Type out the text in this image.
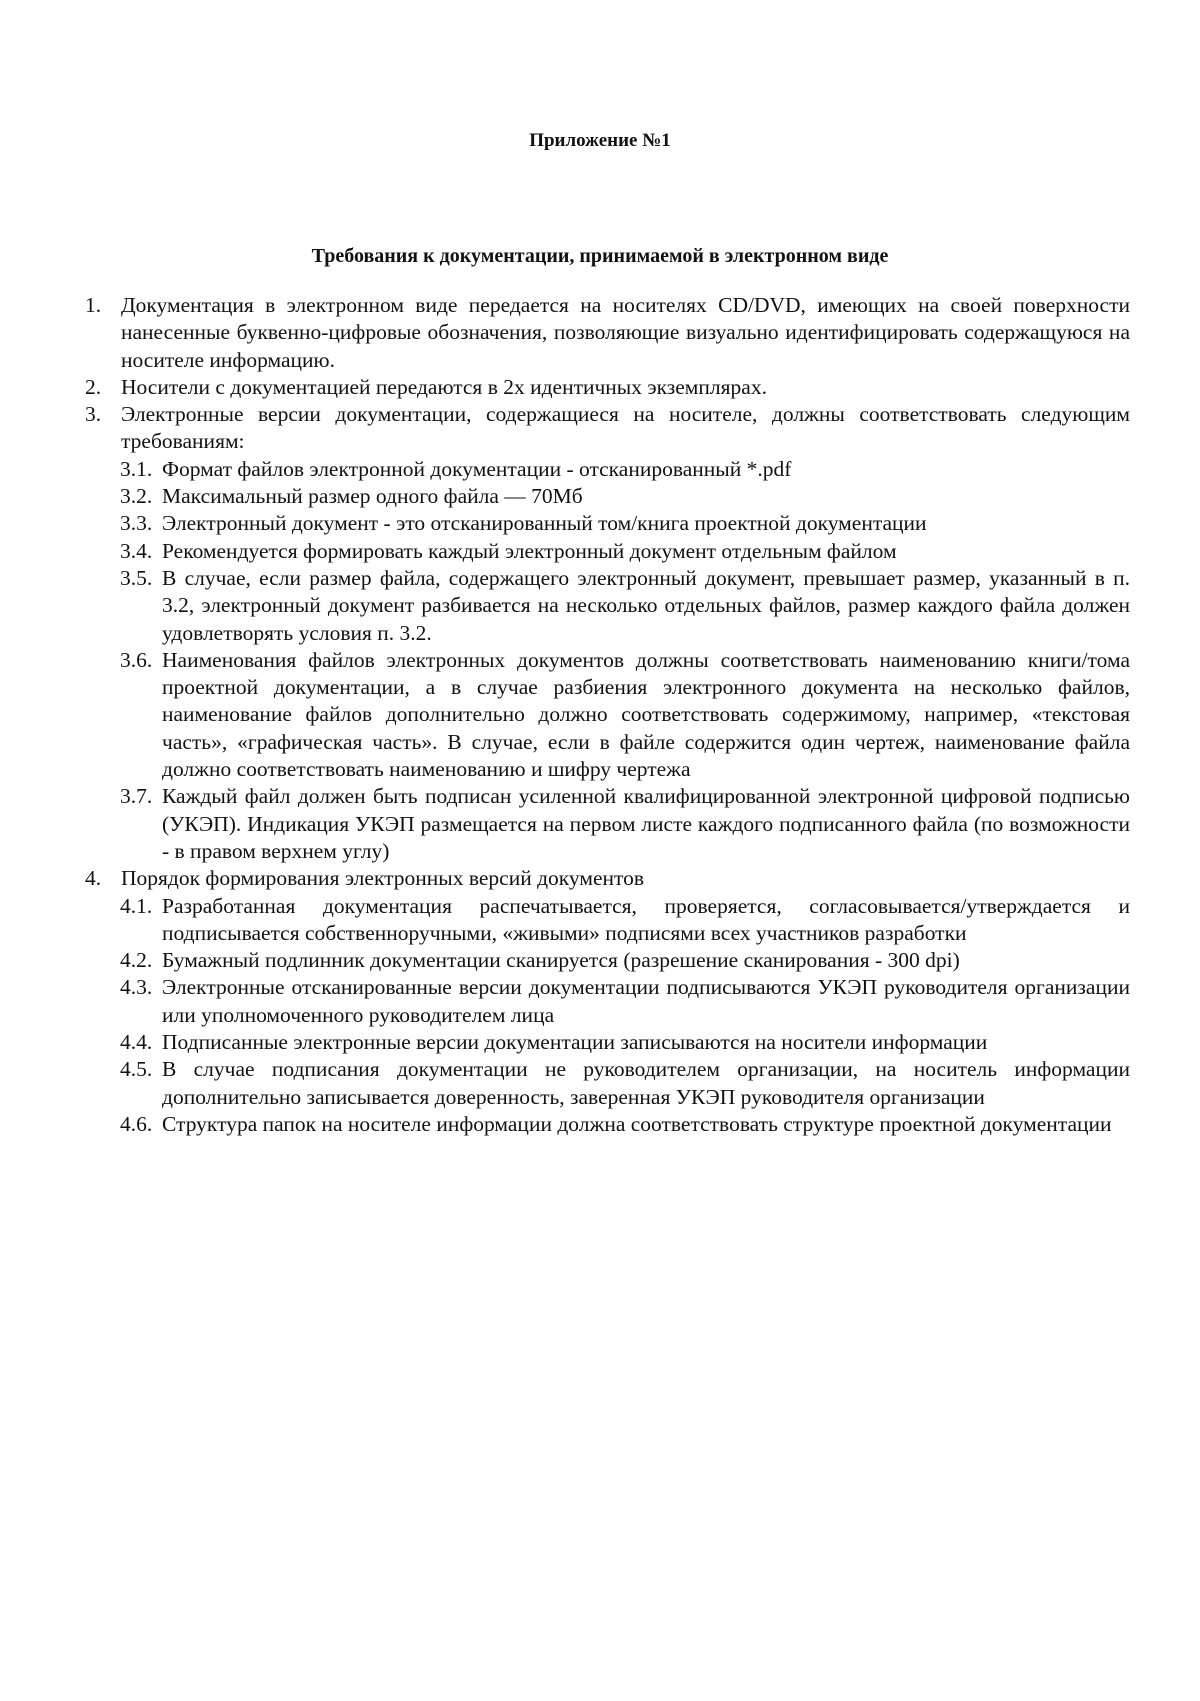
Приложение №1
Требования к документации, принимаемой в электронном виде
1. Документация в электронном виде передается на носителях CD/DVD, имеющих на своей поверхности нанесенные буквенно-цифровые обозначения, позволяющие визуально идентифицировать содержащуюся на носителе информацию.
2. Носители с документацией передаются в 2х идентичных экземплярах.
3. Электронные версии документации, содержащиеся на носителе, должны соответствовать следующим требованиям:
3.1. Формат файлов электронной документации - отсканированный *.pdf
3.2. Максимальный размер одного файла — 70Мб
3.3. Электронный документ - это отсканированный том/книга проектной документации
3.4. Рекомендуется формировать каждый электронный документ отдельным файлом
3.5. В случае, если размер файла, содержащего электронный документ, превышает размер, указанный в п. 3.2, электронный документ разбивается на несколько отдельных файлов, размер каждого файла должен удовлетворять условия п. 3.2.
3.6. Наименования файлов электронных документов должны соответствовать наименованию книги/тома проектной документации, а в случае разбиения электронного документа на несколько файлов, наименование файлов дополнительно должно соответствовать содержимому, например, «текстовая часть», «графическая часть». В случае, если в файле содержится один чертеж, наименование файла должно соответствовать наименованию и шифру чертежа
3.7. Каждый файл должен быть подписан усиленной квалифицированной электронной цифровой подписью (УКЭП). Индикация УКЭП размещается на первом листе каждого подписанного файла (по возможности - в правом верхнем углу)
4. Порядок формирования электронных версий документов
4.1. Разработанная документация распечатывается, проверяется, согласовывается/утверждается и подписывается собственноручными, «живыми» подписями всех участников разработки
4.2. Бумажный подлинник документации сканируется (разрешение сканирования - 300 dpi)
4.3. Электронные отсканированные версии документации подписываются УКЭП руководителя организации или уполномоченного руководителем лица
4.4. Подписанные электронные версии документации записываются на носители информации
4.5. В случае подписания документации не руководителем организации, на носитель информации дополнительно записывается доверенность, заверенная УКЭП руководителя организации
4.6. Структура папок на носителе информации должна соответствовать структуре проектной документации
